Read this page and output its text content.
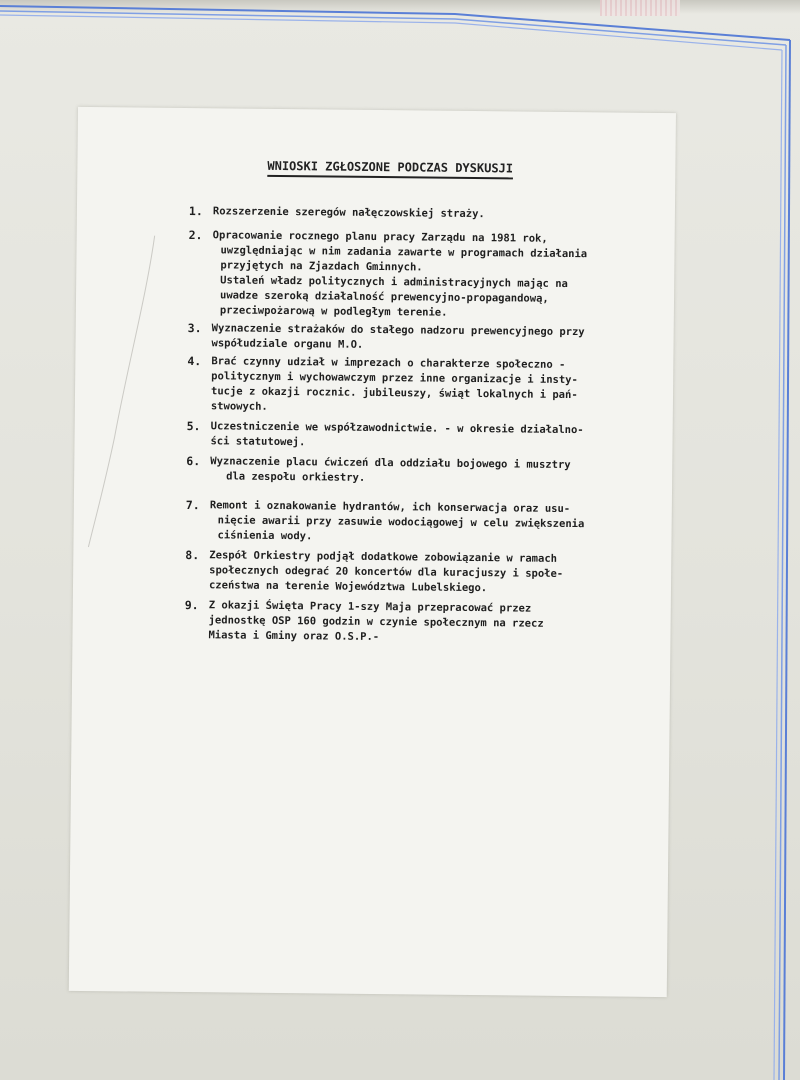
WNIOSKI ZGŁOSZONE PODCZAS DYSKUSJI
1. Rozszerzenie szeregów nałęczowskiej straży.
2. Opracowanie rocznego planu pracy Zarządu na 1981 rok,
uwzględniając w nim zadania zawarte w programach działania
przyjętych na Zjazdach Gminnych.
Ustaleń władz politycznych i administracyjnych mając na
uwadze szeroką działalność prewencyjno-propagandową,
przeciwpożarową w podległym terenie.
3. Wyznaczenie strażaków do stałego nadzoru prewencyjnego przy
współudziale organu M.O.
4. Brać czynny udział w imprezach o charakterze społeczno -
politycznym i wychowawczym przez inne organizacje i insty-
tucje z okazji rocznic. jubileuszy, świąt lokalnych i pań-
stwowych.
5. Uczestniczenie we współzawodnictwie. - w okresie działalno-
ści statutowej.
6. Wyznaczenie placu ćwiczeń dla oddziału bojowego i musztry
dla zespołu orkiestry.
7. Remont i oznakowanie hydrantów, ich konserwacja oraz usu-
nięcie awarii przy zasuwie wodociągowej w celu zwiększenia
ciśnienia wody.
8. Zespół Orkiestry podjął dodatkowe zobowiązanie w ramach
społecznych odegrać 20 koncertów dla kuracjuszy i społe-
czeństwa na terenie Województwa Lubelskiego.
9. Z okazji Święta Pracy 1-szy Maja przepracować przez
jednostkę OSP 160 godzin w czynie społecznym na rzecz
Miasta i Gminy oraz O.S.P.-
